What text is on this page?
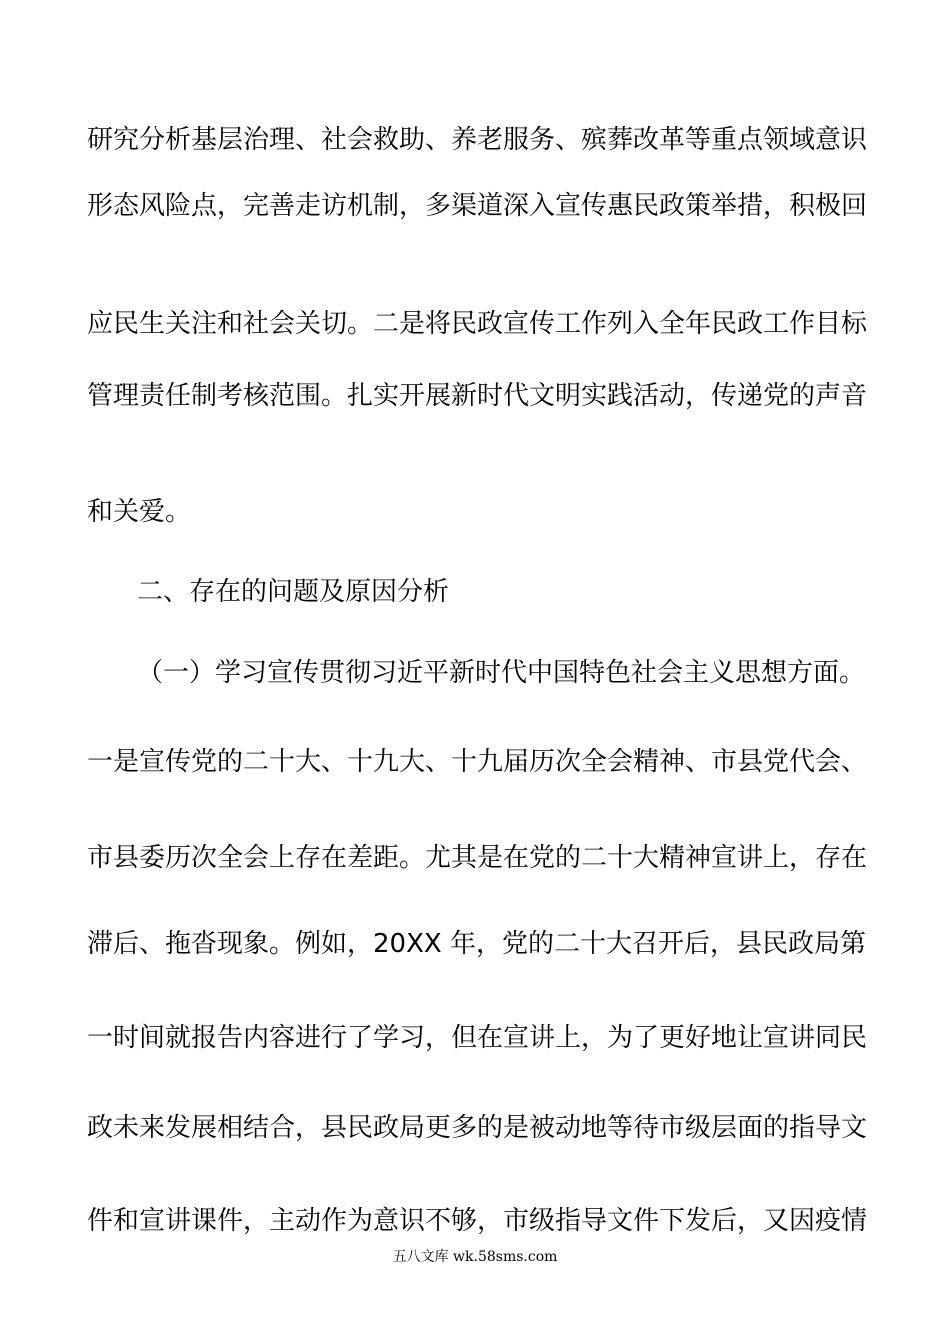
研究分析基层治理、社会救助、养老服务、殡葬改革等重点领域意识
形态风险点，完善走访机制，多渠道深入宣传惠民政策举措，积极回
应民生关注和社会关切。二是将民政宣传工作列入全年民政工作目标
管理责任制考核范围。扎实开展新时代文明实践活动，传递党的声音
和关爱。
二、存在的问题及原因分析
（一）学习宣传贯彻习近平新时代中国特色社会主义思想方面。
一是宣传党的二十大、十九大、十九届历次全会精神、市县党代会、
市县委历次全会上存在差距。尤其是在党的二十大精神宣讲上，存在
滞后、拖沓现象。例如，20XX 年，党的二十大召开后，县民政局第
一时间就报告内容进行了学习，但在宣讲上，为了更好地让宣讲同民
政未来发展相结合，县民政局更多的是被动地等待市级层面的指导文
件和宣讲课件，主动作为意识不够，市级指导文件下发后，又因疫情
五八文库 wk.58sms.com
